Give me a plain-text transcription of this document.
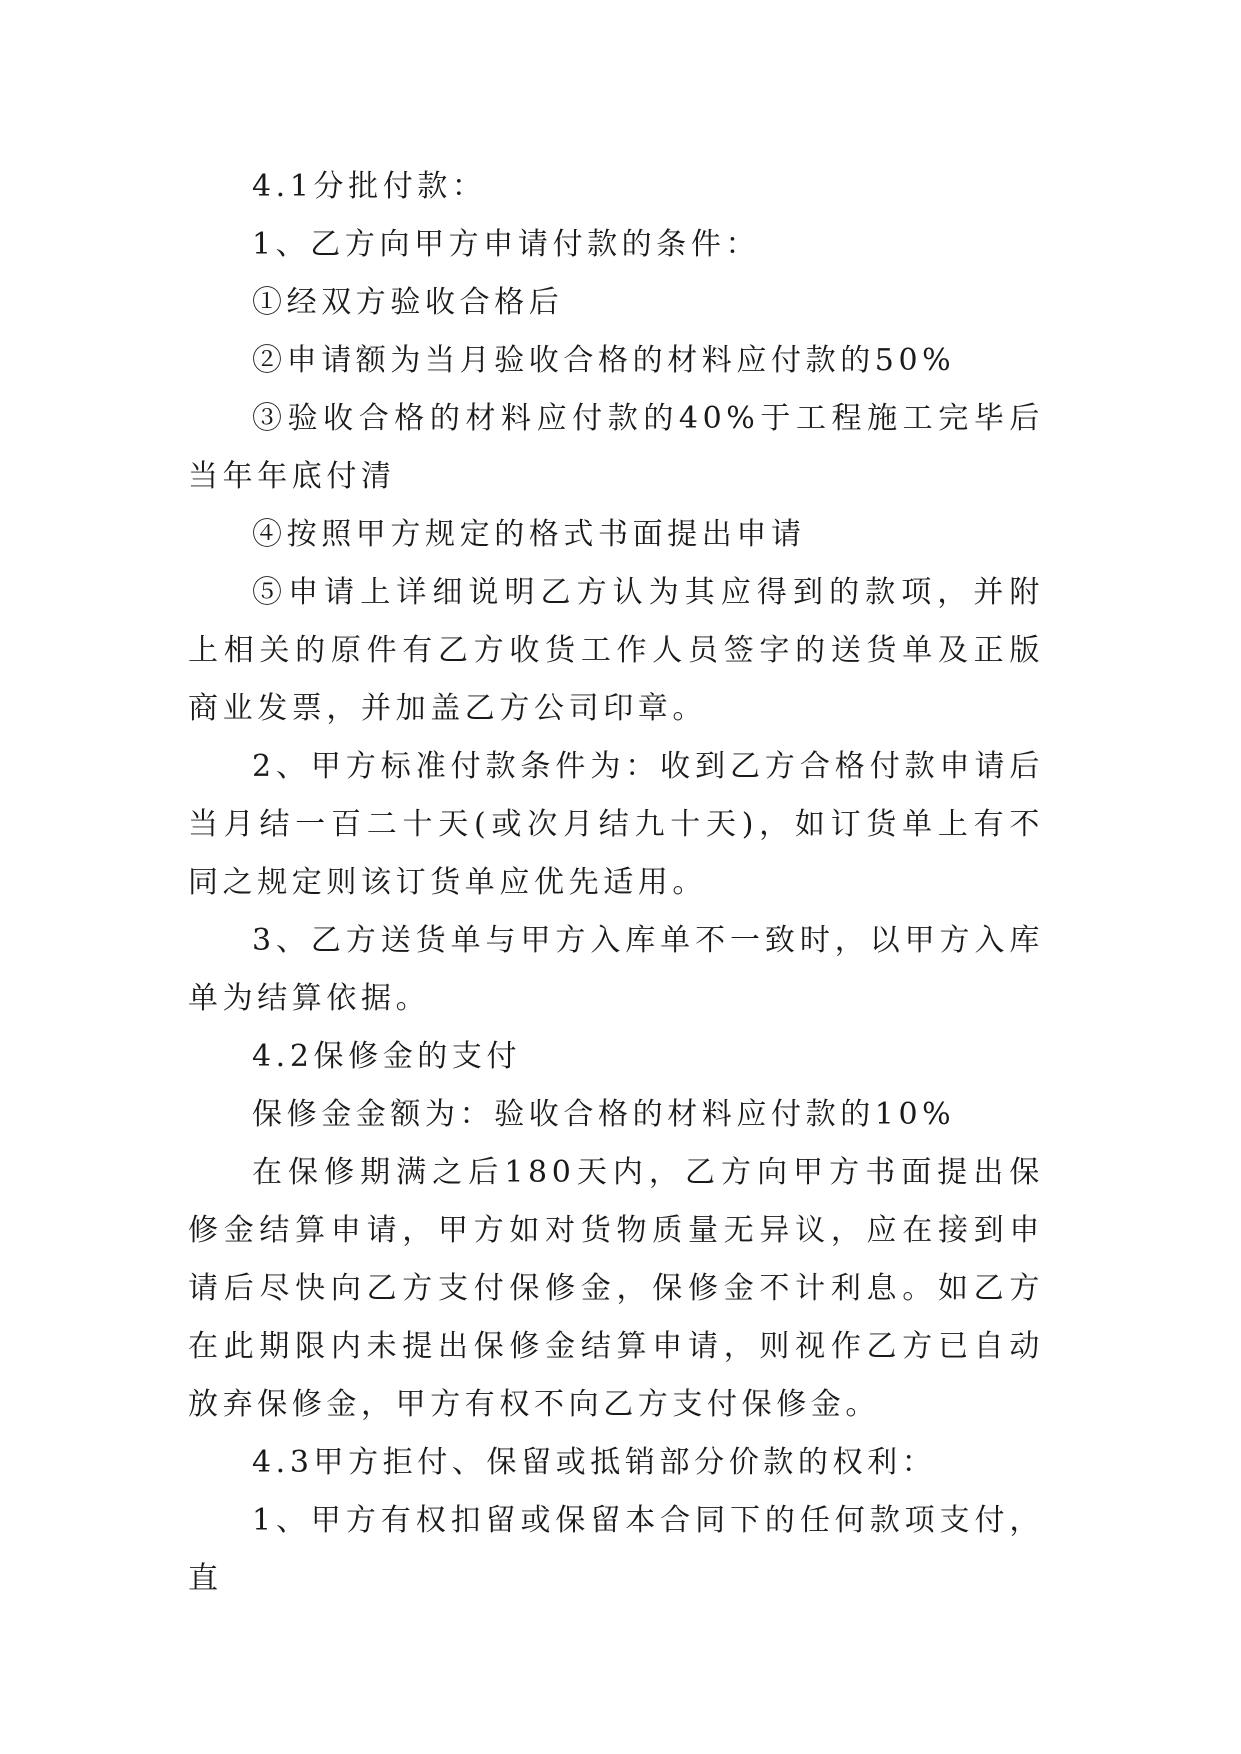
4.1分批付款：

1、乙方向甲方申请付款的条件：

①经双方验收合格后

②申请额为当月验收合格的材料应付款的50%

③验收合格的材料应付款的40%于工程施工完毕后当年年底付清

④按照甲方规定的格式书面提出申请

⑤申请上详细说明乙方认为其应得到的款项，并附上相关的原件有乙方收货工作人员签字的送货单及正版商业发票，并加盖乙方公司印章。

2、甲方标准付款条件为：收到乙方合格付款申请后当月结一百二十天(或次月结九十天)，如订货单上有不同之规定则该订货单应优先适用。

3、乙方送货单与甲方入库单不一致时，以甲方入库单为结算依据。

4.2保修金的支付

保修金金额为：验收合格的材料应付款的10%

在保修期满之后180天内，乙方向甲方书面提出保修金结算申请，甲方如对货物质量无异议，应在接到申请后尽快向乙方支付保修金，保修金不计利息。如乙方在此期限内未提出保修金结算申请，则视作乙方已自动放弃保修金，甲方有权不向乙方支付保修金。

4.3甲方拒付、保留或抵销部分价款的权利：

1、甲方有权扣留或保留本合同下的任何款项支付，直
